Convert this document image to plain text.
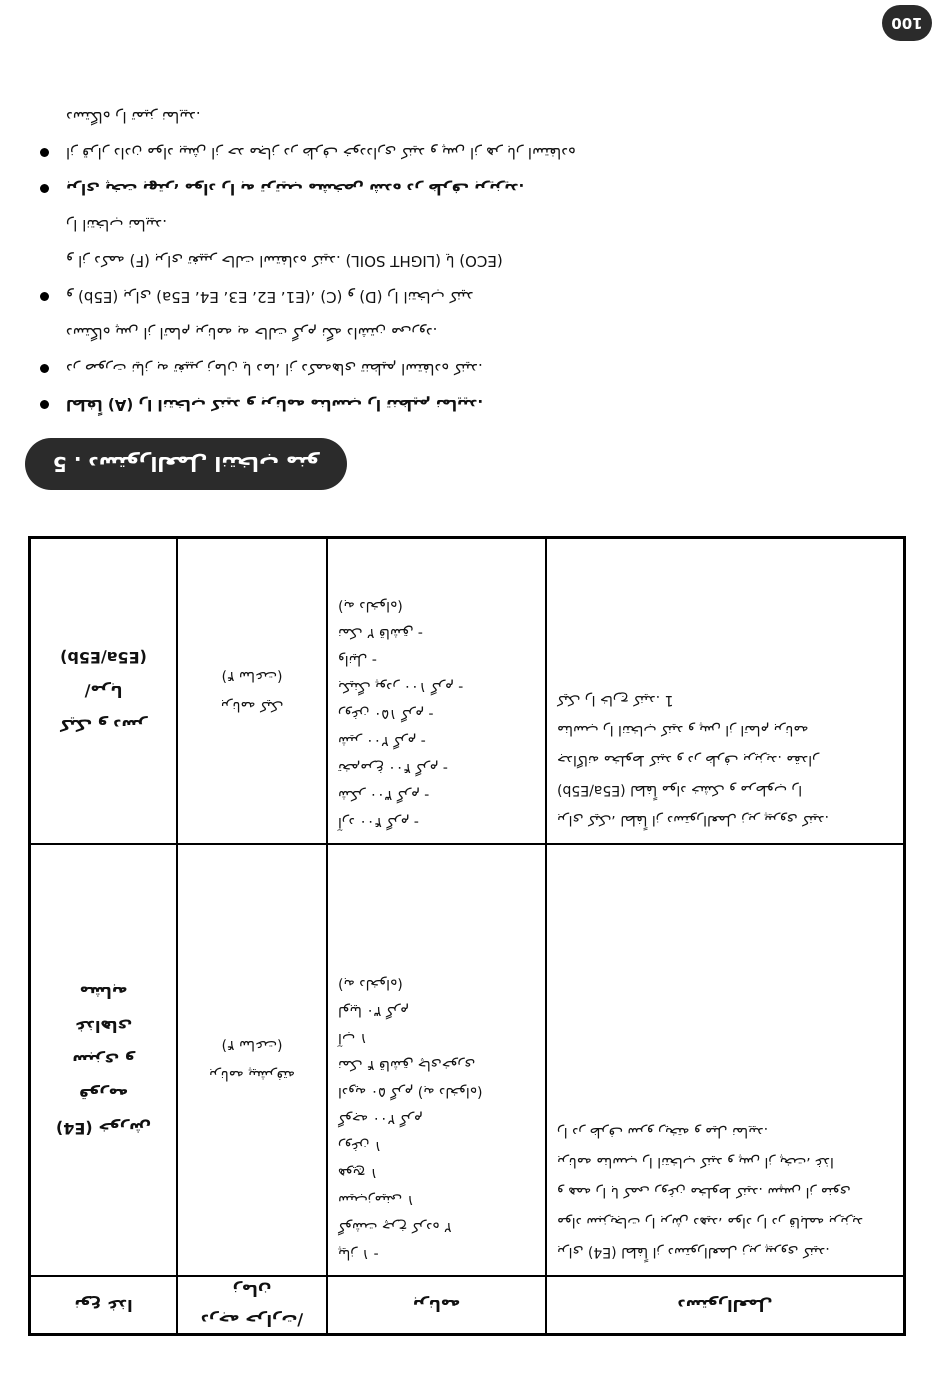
دستورالعمل
برنامه
درجه حرارت/زمان
نوع غذا
برای (E4) لطفاً از دستورالعمل زیر پیروی کنید.
مواد سبزیجات را برش دهید، مواد را در قابلمه بریزید
و همه را با کمی روغن مخلوط کنید. سپس از منوی
برنامه مناسب را انتخاب کنید و پس از پخت، غذا
را در ظرف سرو ریخته و میل نمایید.
پیاز ۱ -
گوشت چرخ کرده ۲
سیب‌زمینی ۱
هویج ۱
روغن ۱
گوجه ۲۰۰ گرم
ادویه ۵۰ گرم (به دلخواه)
نمک ۴ قاشق چای‌خوری
آب ۱
لوبیا ۳۰ گرم
(به دلخواه)
برنامه پیشرفته
(۴ ساعت)
(E4) خورش قورمه
سبزی و غذاهای
مشابه
برای کیک، لطفاً از دستورالعمل زیر پیروی کنید.
(E5a/E5b) لطفاً مواد خشک و مرطوب را
جداگانه مخلوط کنید و در ظرف بریزید. مقدار
مناسب را انتخاب کنید و پس از اتمام برنامه
کیک را خارج کنید. 1
آرد ۴۰۰ گرم -
شکر ۳۰۰ گرم -
تخم‌مرغ ۴۰۰ گرم -
شیر ۲۰۰ گرم -
روغن ۱۵۰ گرم -
بکینگ پودر ۱۰۰ گرم -
وانیل -
نمک ۲ قاشق -
(به دلخواه)
برنامه کیک
(۴ ساعت)
کیک و دسر
/مربا
(E5a/E5b)
5 . دستورالعمل انتخاب منو
لطفاً (A) را انتخاب کنید و برنامه مناسب را تنظیم نمایید.
در صورت نیاز به تغییر زمان یا دما، از دکمه‌های تنظیم استفاده کنید.
دستگاه پس از اتمام برنامه به حالت گرم نگه داشتن می‌رود.
و (E5b) برای (E1، E2، E3، E4، E5a)، (C) و (D) را انتخاب کنید
و از دکمه (F) برای تغییر حالت استفاده کنید. (LIGHT SOIL) یا (ECO)
را انتخاب نمایید.
برای پخت بهتر، مواد را به ترتیب مشخص شده در ظرف بریزید.
از قرار دادن مواد بیش از حد مجاز در ظرف خودداری کنید و پس از هر بار استفاده
دستگاه را تمیز نمایید.
100
